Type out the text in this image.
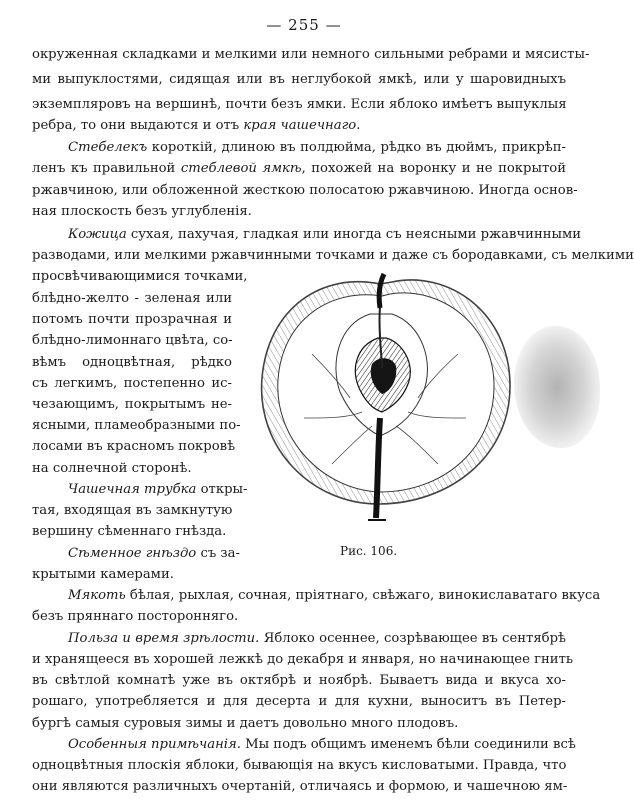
— 255 —
окруженная складками и мелкими или немного сильными ребрами и мясисты-
ми выпуклостями, сидящая или въ неглубокой ямкѣ, или у шаровидныхъ
экземпляровъ на вершинѣ, почти безъ ямки. Если яблоко имѣетъ выпуклыя
ребра, то они выдаются и отъ края чашечнаго.
Стебелекъ короткій, длиною въ полдюйма, рѣдко въ дюймъ, прикрѣп-
ленъ къ правильной стеблевой ямкѣ, похожей на воронку и не покрытой
ржавчиною, или обложенной жесткою полосатою ржавчиною. Иногда основ-
ная плоскость безъ углубленія.
Кожица сухая, пахучая, гладкая или иногда съ неясными ржавчинными
разводами, или мелкими ржавчинными точками и даже съ бородавками, съ мелкими
просвѣчивающимися точками,
блѣдно-желто - зеленая или
потомъ почти прозрачная и
блѣдно-лимоннаго цвѣта, со-
вѣмъ одноцвѣтная, рѣдко
съ легкимъ, постепенно ис-
чезающимъ, покрытымъ не-
ясными, пламеобразными по-
лосами въ красномъ покровѣ
на солнечной сторонѣ.
Чашечная трубка откры-
тая, входящая въ замкнутую
вершину сѣменнаго гнѣзда.
Сѣменное гнѣздо съ за-
крытыми камерами.
Мякоть бѣлая, рыхлая, сочная, пріятнаго, свѣжаго, винокиславатаго вкуса
безъ пряннаго посторонняго.
Польза и время зрѣлости. Яблоко осеннее, созрѣвающее въ сентябрѣ
и хранящееся въ хорошей лежкѣ до декабря и января, но начинающее гнить
въ свѣтлой комнатѣ уже въ октябрѣ и ноябрѣ. Бываетъ вида и вкуса хо-
рошаго, употребляется и для десерта и для кухни, выноситъ въ Петер-
бургѣ самыя суровыя зимы и даетъ довольно много плодовъ.
Особенныя примѣчанія. Мы подъ общимъ именемъ бѣли соединили всѣ
одноцвѣтныя плоскія яблоки, бывающія на вкусъ кисловатыми. Правда, что
они являются различныхъ очертаній, отличаясь и формою, и чашечною ям-
Рис. 106.
